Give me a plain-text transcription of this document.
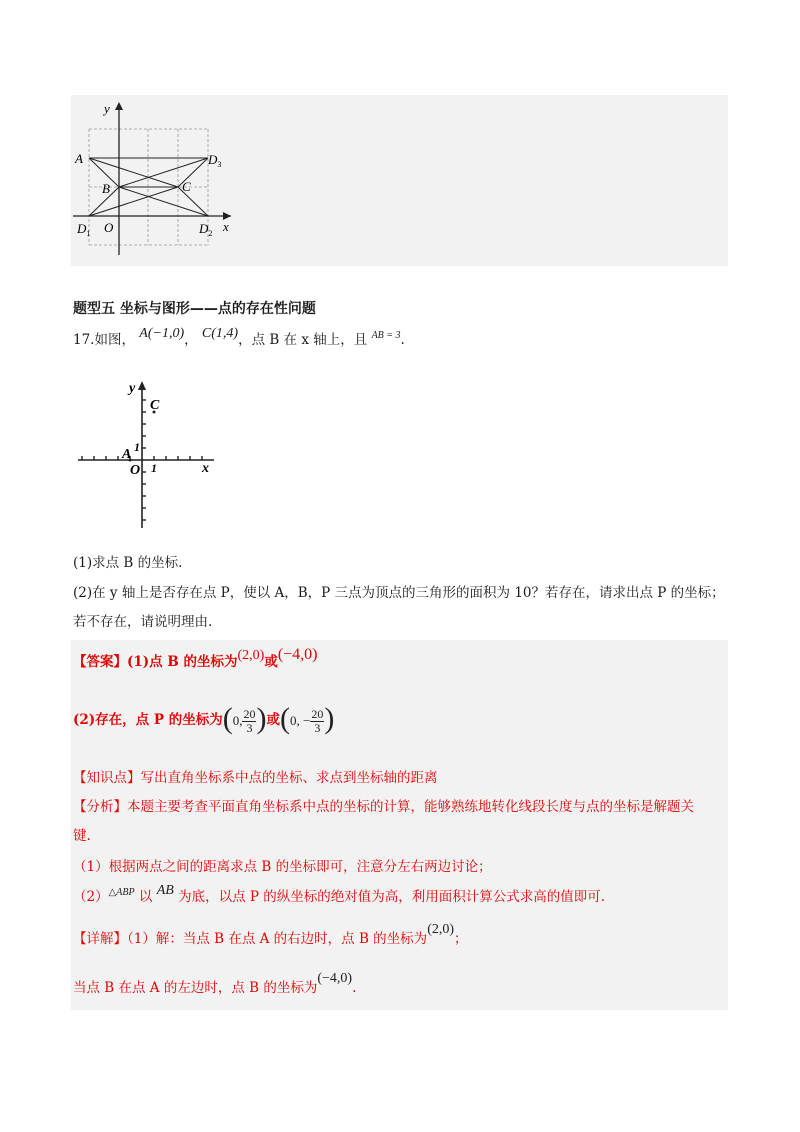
y
x
A
B	C
O
$D_1$	$D_2$
$D_3$
题型五 坐标与图形——点的存在性问题
17.如图， A(−1,0)， C(1,4)，点 B 在 x 轴上，且 $^{AB = 3}$.
y
x
C
A 1
1
O
(1)求点 B 的坐标.
(2)在 y 轴上是否存在点 P，使以 A，B，P 三点为顶点的三角形的面积为 10？若存在，请求出点 P 的坐标；
若不存在，请说明理由.
【答案】(1)点 B 的坐标为(2,0)或(−4,0)
(2)存在，点 P 的坐标为(0, $\frac{20}{3}$ )或(0, − $\frac{20}{3}$ )
【知识点】写出直角坐标系中点的坐标、求点到坐标轴的距离
【分析】本题主要考查平面直角坐标系中点的坐标的计算，能够熟练地转化线段长度与点的坐标是解题关
键.
（1）根据两点之间的距离求点 B 的坐标即可，注意分左右两边讨论；
$(2)^{\triangle ABP}$ 以 AB 为底，以点 P 的纵坐标的绝对值为高，利用面积计算公式求高的值即可.
【详解】（1）解：当点 B 在点 A 的右边时，点 B 的坐标为(2,0)；
当点 B 在点 A 的左边时，点 B 的坐标为(−4,0).
